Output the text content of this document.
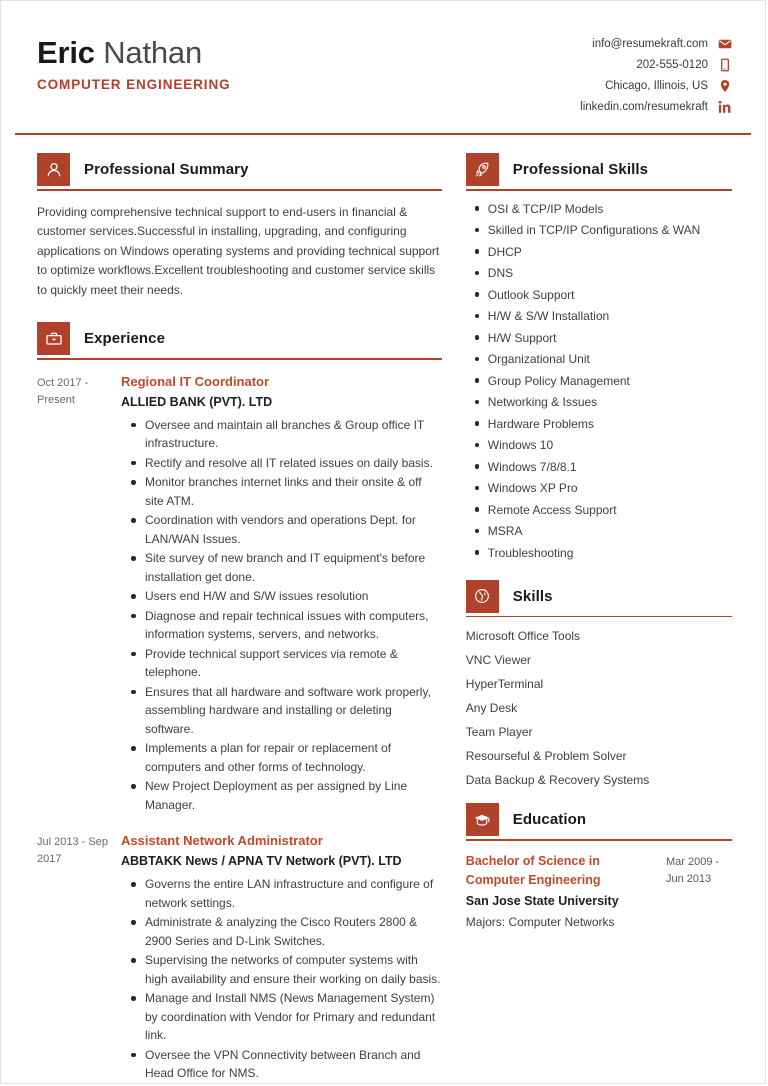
Eric Nathan
COMPUTER ENGINEERING
info@resumekraft.com
202-555-0120
Chicago, Illinois, US
linkedin.com/resumekraft
Professional Summary
Providing comprehensive technical support to end-users in financial & customer services.Successful in installing, upgrading, and configuring applications on Windows operating systems and providing technical support to optimize workflows.Excellent troubleshooting and customer service skills to quickly meet their needs.
Experience
Oct 2017 - Present
Regional IT Coordinator
ALLIED BANK (PVT). LTD
Oversee and maintain all branches & Group office IT infrastructure.
Rectify and resolve all IT related issues on daily basis.
Monitor branches internet links and their onsite & off site ATM.
Coordination with vendors and operations Dept. for LAN/WAN Issues.
Site survey of new branch and IT equipment's before installation get done.
Users end H/W and S/W issues resolution
Diagnose and repair technical issues with computers, information systems, servers, and networks.
Provide technical support services via remote & telephone.
Ensures that all hardware and software work properly, assembling hardware and installing or deleting software.
Implements a plan for repair or replacement of computers and other forms of technology.
New Project Deployment as per assigned by Line Manager.
Jul 2013 - Sep 2017
Assistant Network Administrator
ABBTAKK News / APNA TV Network (PVT). LTD
Governs the entire LAN infrastructure and configure of network settings.
Administrate & analyzing the Cisco Routers 2800 & 2900 Series and D-Link Switches.
Supervising the networks of computer systems with high availability and ensure their working on daily basis.
Manage and Install NMS (News Management System) by coordination with Vendor for Primary and redundant link.
Oversee the VPN Connectivity between Branch and Head Office for NMS.
Professional Skills
OSI & TCP/IP Models
Skilled in TCP/IP Configurations & WAN
DHCP
DNS
Outlook Support
H/W & S/W Installation
H/W Support
Organizational Unit
Group Policy Management
Networking & Issues
Hardware Problems
Windows 10
Windows 7/8/8.1
Windows XP Pro
Remote Access Support
MSRA
Troubleshooting
Skills
Microsoft Office Tools
VNC Viewer
HyperTerminal
Any Desk
Team Player
Resourseful & Problem Solver
Data Backup & Recovery Systems
Education
Bachelor of Science in Computer Engineering
San Jose State University
Majors: Computer Networks
Mar 2009 - Jun 2013
